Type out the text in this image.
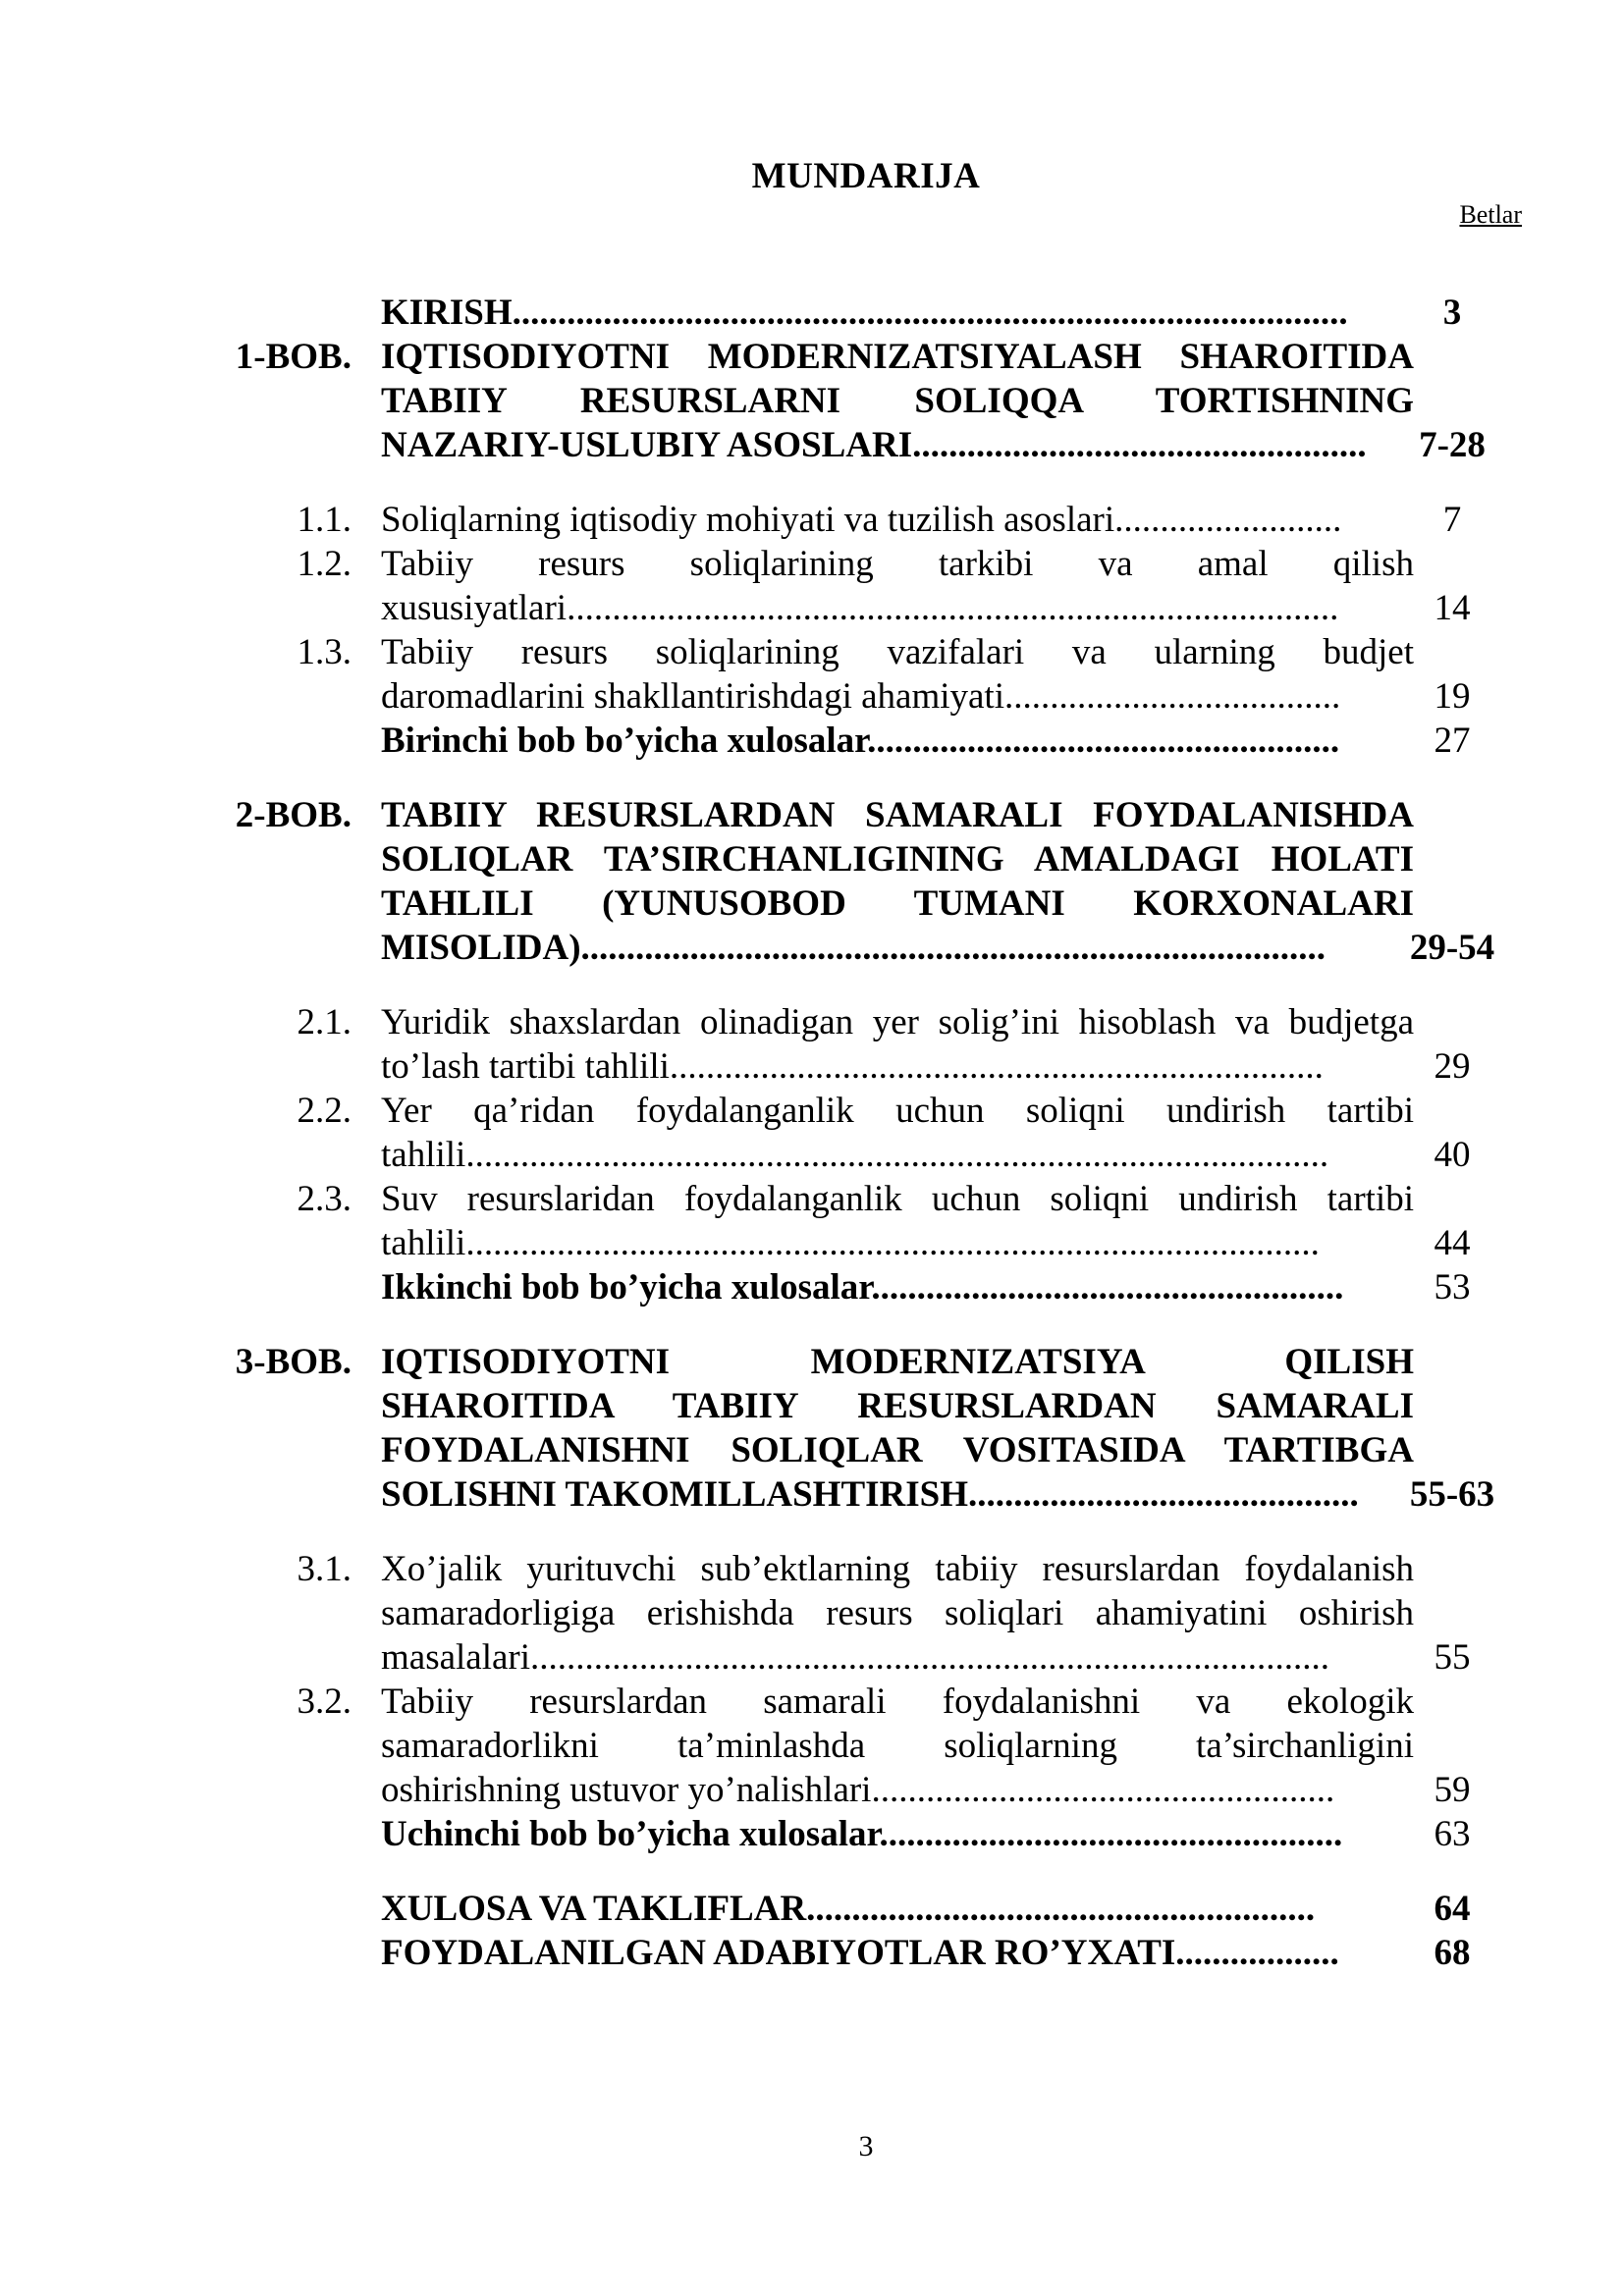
MUNDARIJA
Betlar
KIRISH............................................................................................	3
1-BOB. IQTISODIYOTNI MODERNIZATSIYALASH SHAROITIDA
TABIIY RESURSLARNI SOLIQQA TORTISHNING
NAZARIY-USLUBIY ASOSLARI..................................................	7-28
1.1. Soliqlarning iqtisodiy mohiyati va tuzilish asoslari.........................	7
1.2. Tabiiy resurs soliqlarining tarkibi va amal qilish
xususiyatlari.....................................................................................	14
1.3. Tabiiy resurs soliqlarining vazifalari va ularning budjet
daromadlarini shakllantirishdagi ahamiyati.....................................	19
Birinchi bob bo’yicha xulosalar....................................................	27
2-BOB. TABIIY RESURSLARDAN SAMARALI FOYDALANISHDA
SOLIQLAR TA’SIRCHANLIGINING AMALDAGI HOLATI
TAHLILI (YUNUSOBOD TUMANI KORXONALARI
MISOLIDA)..................................................................................	29-54
2.1. Yuridik shaxslardan olinadigan yer solig’ini hisoblash va budjetga
to’lash tartibi tahlili........................................................................	29
2.2. Yer qa’ridan foydalanganlik uchun soliqni undirish tartibi
tahlili...............................................................................................	40
2.3. Suv resurslaridan foydalanganlik uchun soliqni undirish tartibi
tahlili..............................................................................................	44
Ikkinchi bob bo’yicha xulosalar....................................................	53
3-BOB. IQTISODIYOTNI MODERNIZATSIYA QILISH
SHAROITIDA TABIIY RESURSLARDAN SAMARALI
FOYDALANISHNI SOLIQLAR VOSITASIDA TARTIBGA
SOLISHNI TAKOMILLASHTIRISH...........................................	55-63
3.1. Xo’jalik yurituvchi sub’ektlarning tabiiy resurslardan foydalanish
samaradorligiga erishishda resurs soliqlari ahamiyatini oshirish
masalalari........................................................................................	55
3.2. Tabiiy resurslardan samarali foydalanishni va ekologik
samaradorlikni ta’minlashda soliqlarning ta’sirchanligini
oshirishning ustuvor yo’nalishlari...................................................	59
Uchinchi bob bo’yicha xulosalar...................................................	63
XULOSA VA TAKLIFLAR........................................................	64
FOYDALANILGAN ADABIYOTLAR RO’YXATI..................	68
3
